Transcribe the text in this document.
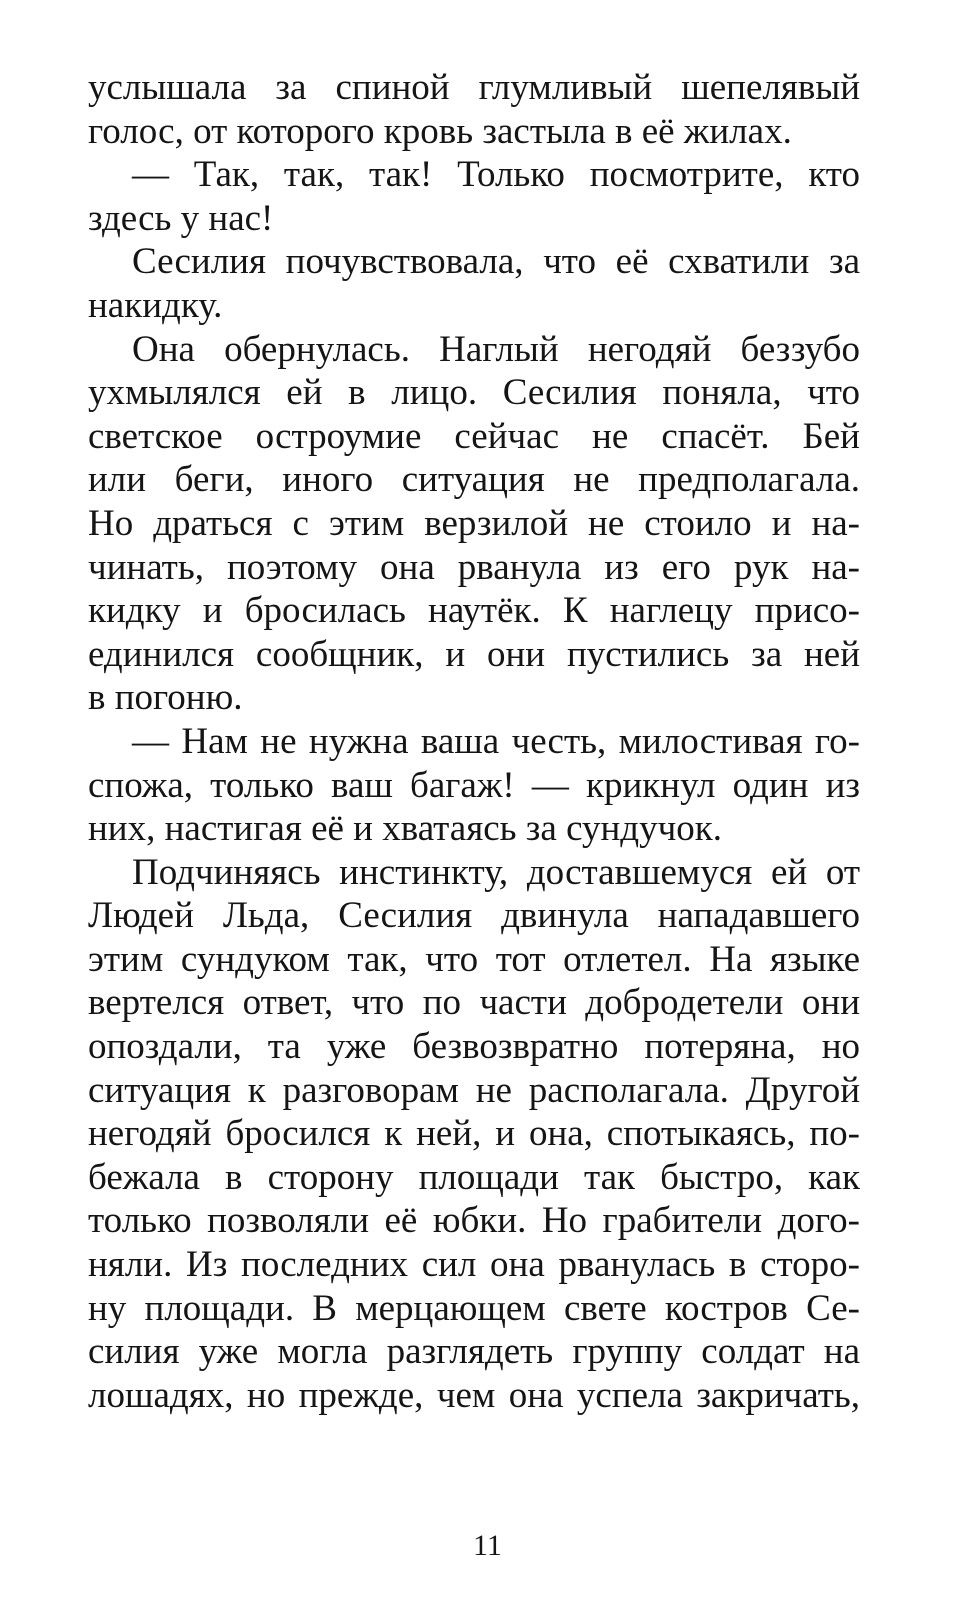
услышала за спиной глумливый шепелявый
голос, от которого кровь застыла в её жилах.
— Так, так, так! Только посмотрите, кто
здесь у нас!
Сесилия почувствовала, что её схватили за
накидку.
Она обернулась. Наглый негодяй беззубо
ухмылялся ей в лицо. Сесилия поняла, что
светское остроумие сейчас не спасёт. Бей
или беги, иного ситуация не предполагала.
Но драться с этим верзилой не стоило и на-
чинать, поэтому она рванула из его рук на-
кидку и бросилась наутёк. К наглецу присо-
единился сообщник, и они пустились за ней
в погоню.
— Нам не нужна ваша честь, милостивая го-
спожа, только ваш багаж! — крикнул один из
них, настигая её и хватаясь за сундучок.
Подчиняясь инстинкту, доставшемуся ей от
Людей Льда, Сесилия двинула нападавшего
этим сундуком так, что тот отлетел. На языке
вертелся ответ, что по части добродетели они
опоздали, та уже безвозвратно потеряна, но
ситуация к разговорам не располагала. Другой
негодяй бросился к ней, и она, спотыкаясь, по-
бежала в сторону площади так быстро, как
только позволяли её юбки. Но грабители дого-
няли. Из последних сил она рванулась в сторо-
ну площади. В мерцающем свете костров Се-
силия уже могла разглядеть группу солдат на
лошадях, но прежде, чем она успела закричать,
11
